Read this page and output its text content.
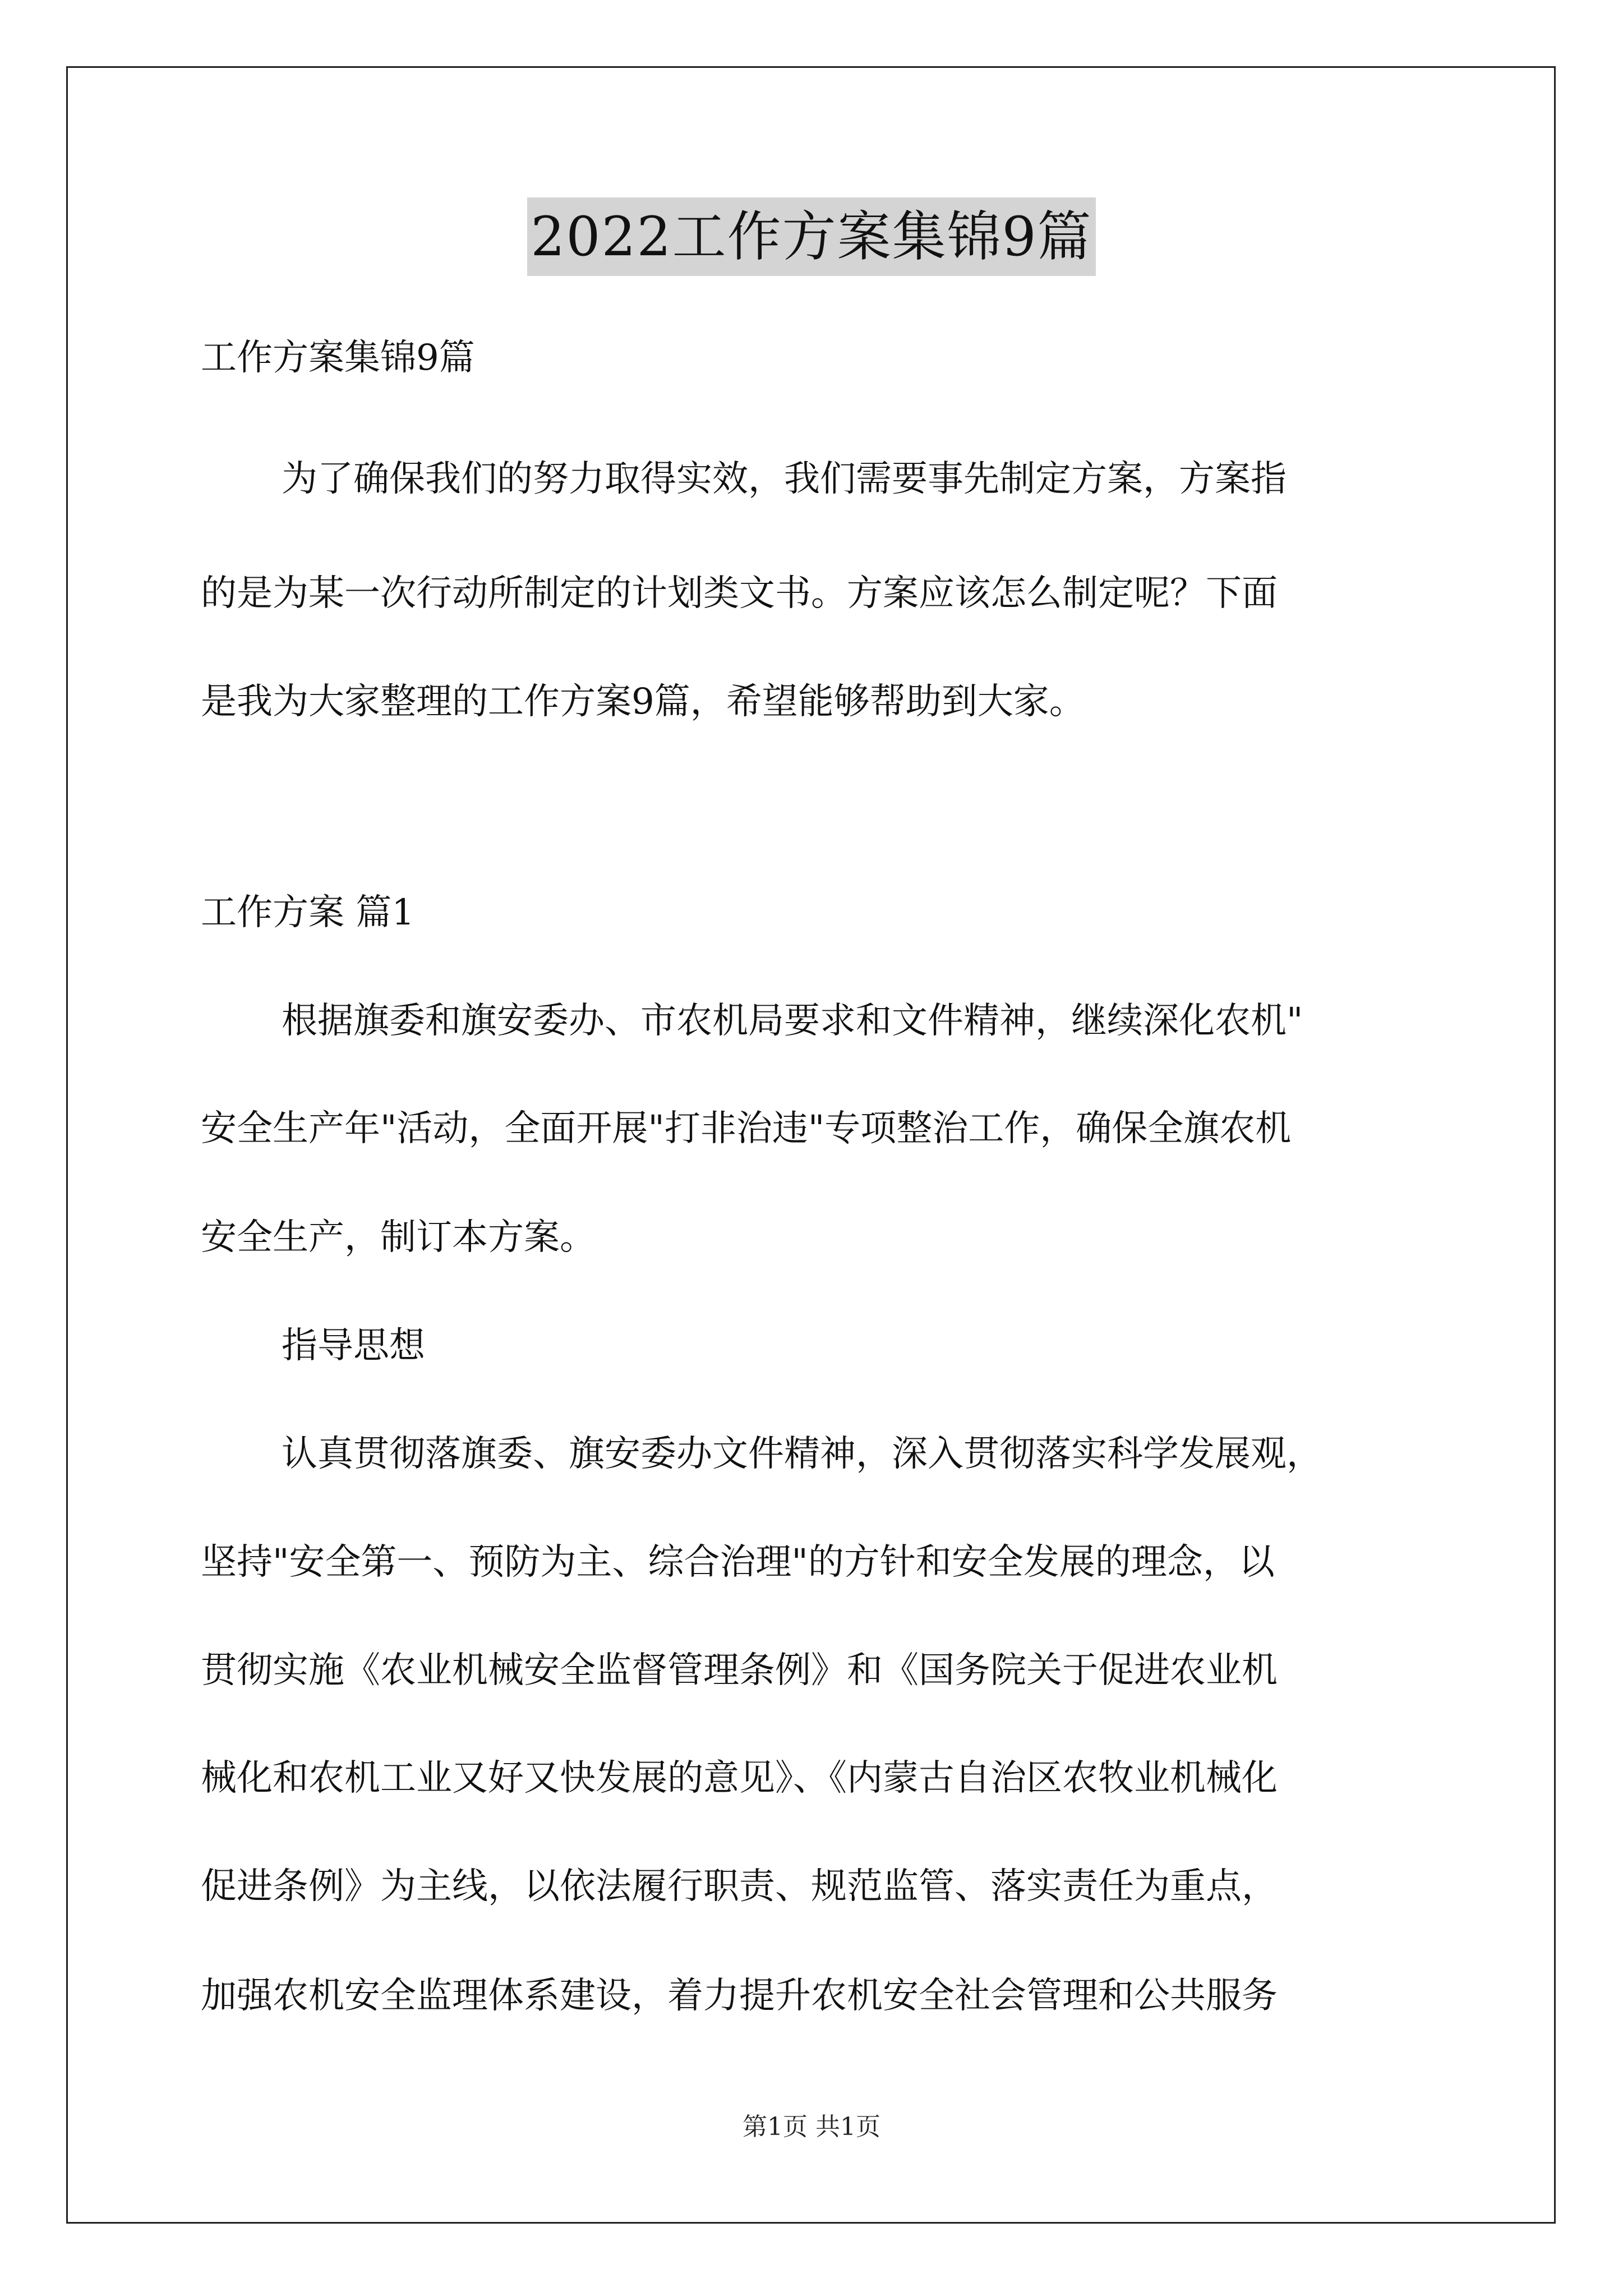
2022工作方案集锦9篇
工作方案集锦9篇
为了确保我们的努力取得实效，我们需要事先制定方案，方案指
的是为某一次行动所制定的计划类文书。方案应该怎么制定呢？下面
是我为大家整理的工作方案9篇，希望能够帮助到大家。
工作方案 篇1
根据旗委和旗安委办、市农机局要求和文件精神，继续深化农机"
安全生产年"活动，全面开展"打非治违"专项整治工作，确保全旗农机
安全生产，制订本方案。
指导思想
认真贯彻落旗委、旗安委办文件精神，深入贯彻落实科学发展观，
坚持"安全第一、预防为主、综合治理"的方针和安全发展的理念，以
贯彻实施《农业机械安全监督管理条例》和《国务院关于促进农业机
械化和农机工业又好又快发展的意见》、《内蒙古自治区农牧业机械化
促进条例》为主线，以依法履行职责、规范监管、落实责任为重点，
加强农机安全监理体系建设，着力提升农机安全社会管理和公共服务
第1页 共1页
